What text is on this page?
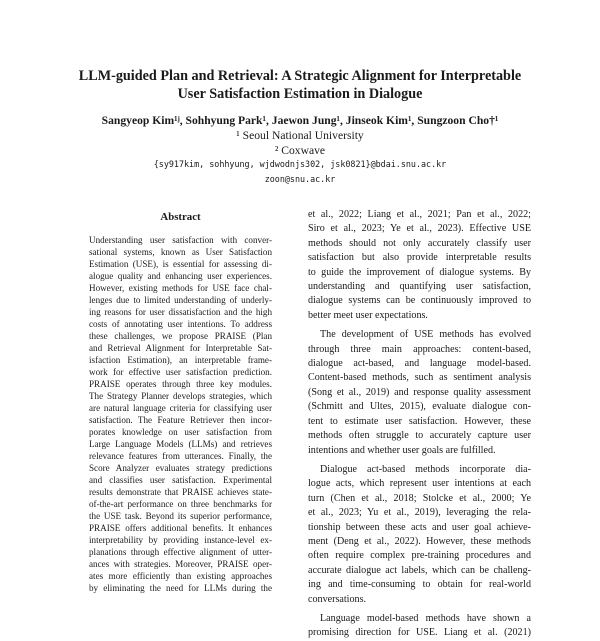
LLM-guided Plan and Retrieval: A Strategic Alignment for Interpretable
User Satisfaction Estimation in Dialogue
Sangyeop Kim¹ʲ, Sohhyung Park¹, Jaewon Jung¹, Jinseok Kim¹, Sungzoon Cho†¹
¹ Seoul National University
² Coxwave
{sy917kim, sohhyung, wjdwodnjs302, jsk0821}@bdai.snu.ac.kr
zoon@snu.ac.kr
Abstract
Understanding user satisfaction with conver-
sational systems, known as User Satisfaction
Estimation (USE), is essential for assessing di-
alogue quality and enhancing user experiences.
However, existing methods for USE face chal-
lenges due to limited understanding of underly-
ing reasons for user dissatisfaction and the high
costs of annotating user intentions. To address
these challenges, we propose PRAISE (Plan
and Retrieval Alignment for Interpretable Sat-
isfaction Estimation), an interpretable frame-
work for effective user satisfaction prediction.
PRAISE operates through three key modules.
The Strategy Planner develops strategies, which
are natural language criteria for classifying user
satisfaction. The Feature Retriever then incor-
porates knowledge on user satisfaction from
Large Language Models (LLMs) and retrieves
relevance features from utterances. Finally, the
Score Analyzer evaluates strategy predictions
and classifies user satisfaction. Experimental
results demonstrate that PRAISE achieves state-
of-the-art performance on three benchmarks for
the USE task. Beyond its superior performance,
PRAISE offers additional benefits. It enhances
interpretability by providing instance-level ex-
planations through effective alignment of utter-
ances with strategies. Moreover, PRAISE oper-
ates more efficiently than existing approaches
by eliminating the need for LLMs during the
et al., 2022; Liang et al., 2021; Pan et al., 2022;
Siro et al., 2023; Ye et al., 2023). Effective USE
methods should not only accurately classify user
satisfaction but also provide interpretable results
to guide the improvement of dialogue systems. By
understanding and quantifying user satisfaction,
dialogue systems can be continuously improved to
better meet user expectations.
The development of USE methods has evolved
through three main approaches: content-based,
dialogue act-based, and language model-based.
Content-based methods, such as sentiment analysis
(Song et al., 2019) and response quality assessment
(Schmitt and Ultes, 2015), evaluate dialogue con-
tent to estimate user satisfaction. However, these
methods often struggle to accurately capture user
intentions and whether user goals are fulfilled.
Dialogue act-based methods incorporate dia-
logue acts, which represent user intentions at each
turn (Chen et al., 2018; Stolcke et al., 2000; Ye
et al., 2023; Yu et al., 2019), leveraging the rela-
tionship between these acts and user goal achieve-
ment (Deng et al., 2022). However, these methods
often require complex pre-training procedures and
accurate dialogue act labels, which can be challeng-
ing and time-consuming to obtain for real-world
conversations.
Language model-based methods have shown a
promising direction for USE. Liang et al. (2021)
